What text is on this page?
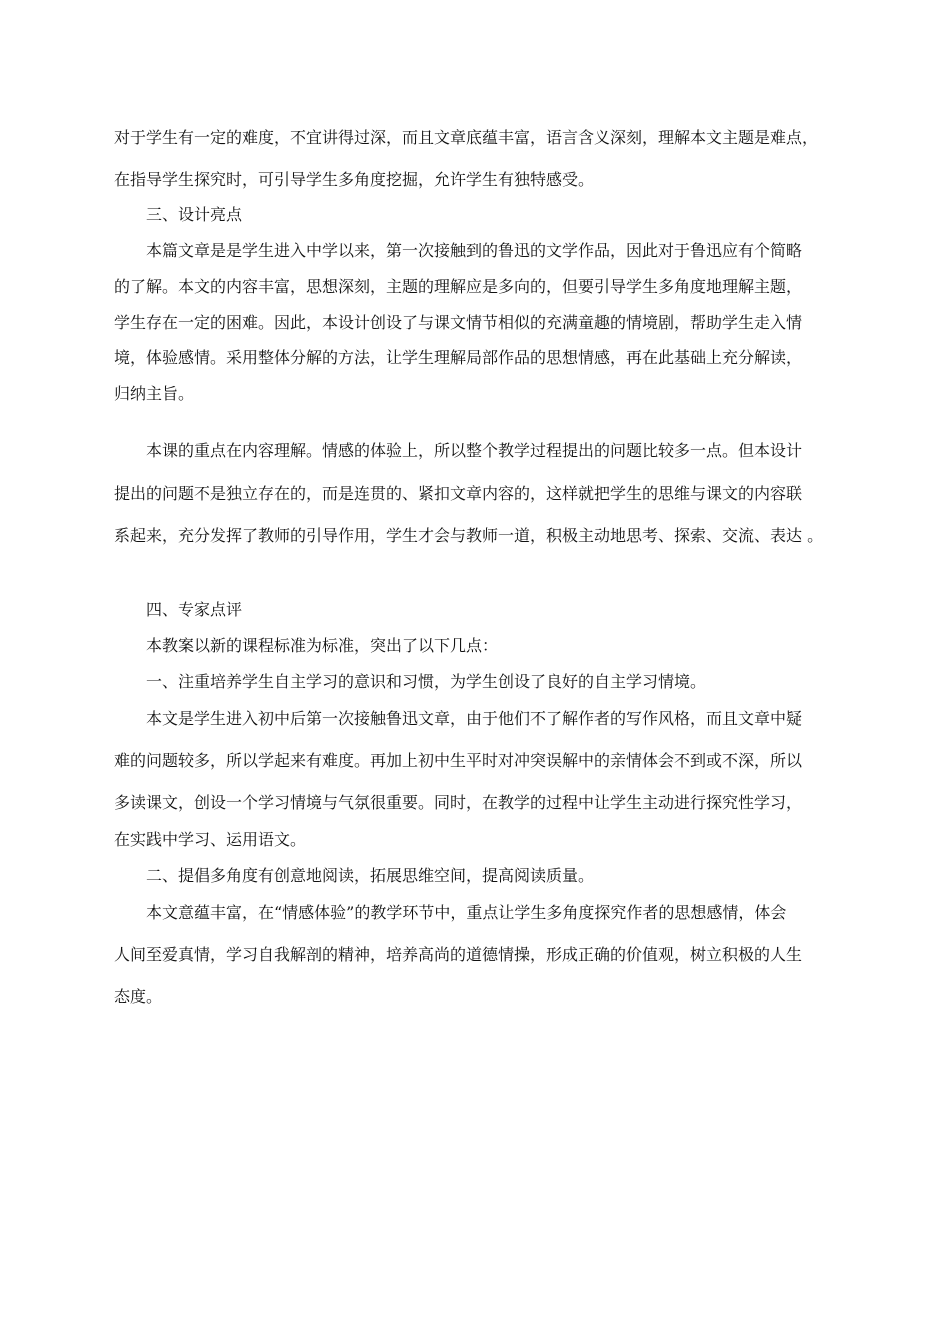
对于学生有一定的难度，不宜讲得过深，而且文章底蕴丰富，语言含义深刻，理解本文主题是难点，
在指导学生探究时，可引导学生多角度挖掘，允许学生有独特感受。
三、设计亮点
本篇文章是是学生进入中学以来，第一次接触到的鲁迅的文学作品，因此对于鲁迅应有个简略
的了解。本文的内容丰富，思想深刻，主题的理解应是多向的，但要引导学生多角度地理解主题，
学生存在一定的困难。因此，本设计创设了与课文情节相似的充满童趣的情境剧，帮助学生走入情
境，体验感情。采用整体分解的方法，让学生理解局部作品的思想情感，再在此基础上充分解读，
归纳主旨。
本课的重点在内容理解。情感的体验上，所以整个教学过程提出的问题比较多一点。但本设计
提出的问题不是独立存在的，而是连贯的、紧扣文章内容的，这样就把学生的思维与课文的内容联
系起来，充分发挥了教师的引导作用，学生才会与教师一道，积极主动地思考、探索、交流、表达 。
四、专家点评
本教案以新的课程标准为标准，突出了以下几点：
一、注重培养学生自主学习的意识和习惯，为学生创设了良好的自主学习情境。
本文是学生进入初中后第一次接触鲁迅文章，由于他们不了解作者的写作风格，而且文章中疑
难的问题较多，所以学起来有难度。再加上初中生平时对冲突误解中的亲情体会不到或不深，所以
多读课文，创设一个学习情境与气氛很重要。同时，在教学的过程中让学生主动进行探究性学习，
在实践中学习、运用语文。
二、提倡多角度有创意地阅读，拓展思维空间，提高阅读质量。
本文意蕴丰富，在“情感体验”的教学环节中，重点让学生多角度探究作者的思想感情，体会
人间至爱真情，学习自我解剖的精神，培养高尚的道德情操，形成正确的价值观，树立积极的人生
态度。
